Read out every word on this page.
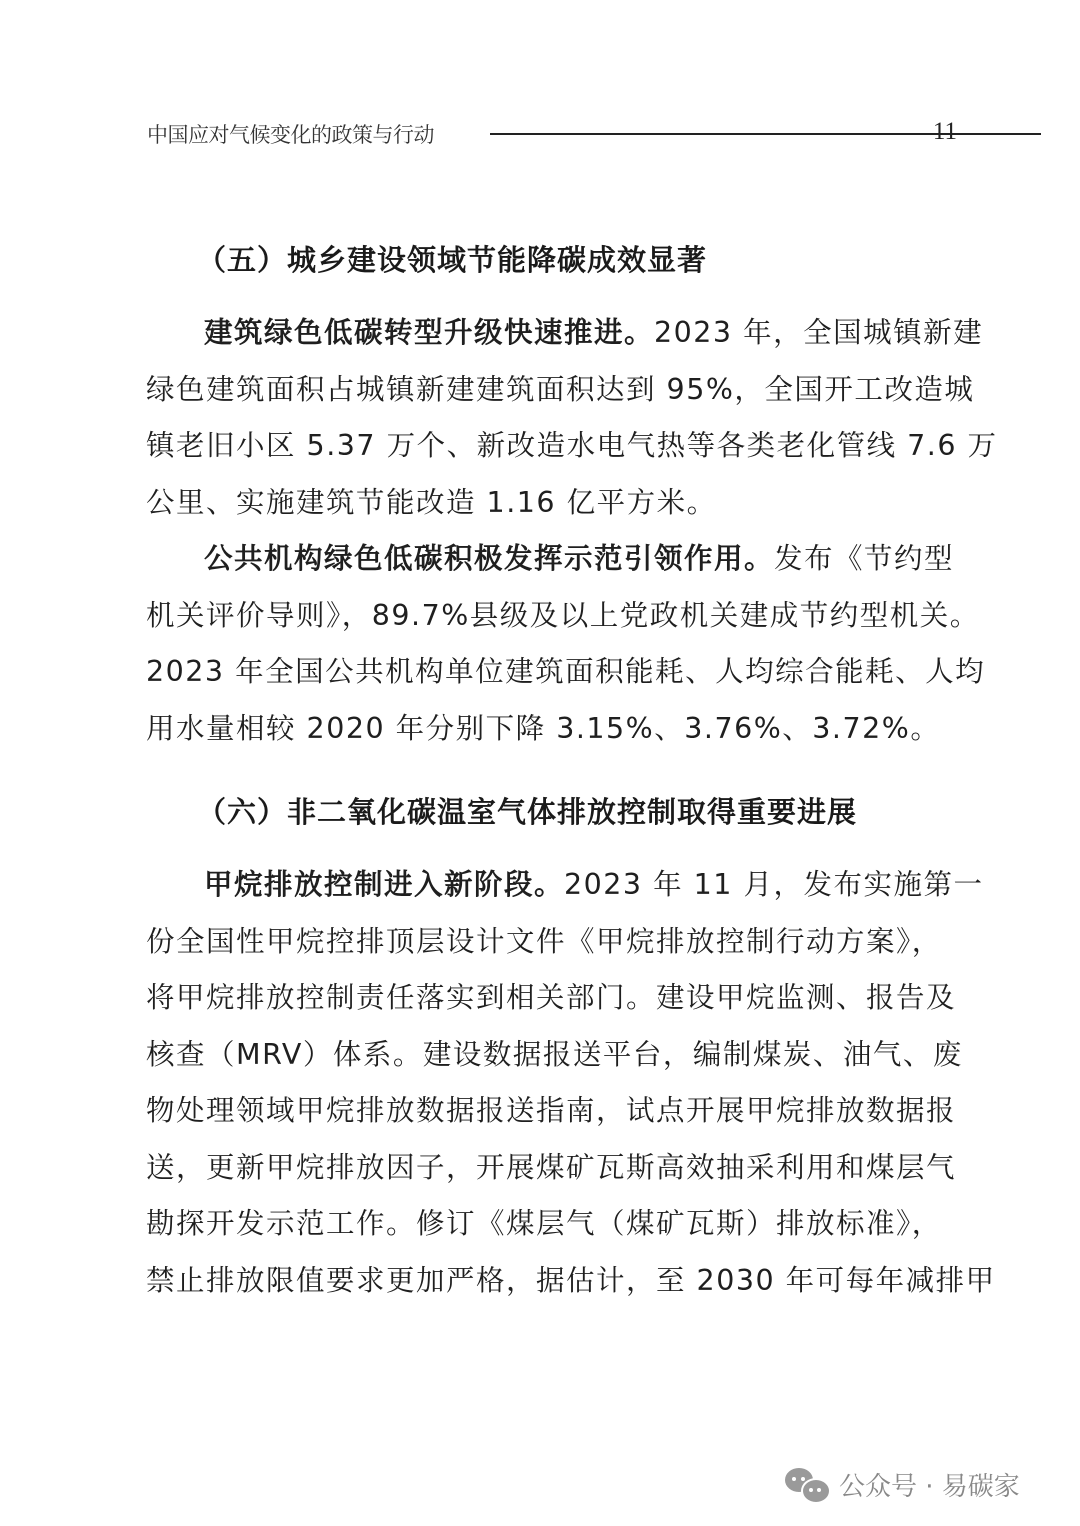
中国应对气候变化的政策与行动	11
（五）城乡建设领域节能降碳成效显著
建筑绿色低碳转型升级快速推进。2023 年，全国城镇新建
绿色建筑面积占城镇新建建筑面积达到 95%，全国开工改造城
镇老旧小区 5.37 万个、新改造水电气热等各类老化管线 7.6 万
公里、实施建筑节能改造 1.16 亿平方米。
公共机构绿色低碳积极发挥示范引领作用。发布《节约型
机关评价导则》，89.7%县级及以上党政机关建成节约型机关。
2023 年全国公共机构单位建筑面积能耗、人均综合能耗、人均
用水量相较 2020 年分别下降 3.15%、3.76%、3.72%。
（六）非二氧化碳温室气体排放控制取得重要进展
甲烷排放控制进入新阶段。2023 年 11 月，发布实施第一
份全国性甲烷控排顶层设计文件《甲烷排放控制行动方案》，
将甲烷排放控制责任落实到相关部门。建设甲烷监测、报告及
核查（MRV）体系。建设数据报送平台，编制煤炭、油气、废
物处理领域甲烷排放数据报送指南，试点开展甲烷排放数据报
送，更新甲烷排放因子，开展煤矿瓦斯高效抽采利用和煤层气
勘探开发示范工作。修订《煤层气（煤矿瓦斯）排放标准》，
禁止排放限值要求更加严格，据估计，至 2030 年可每年减排甲
公众号 · 易碳家
